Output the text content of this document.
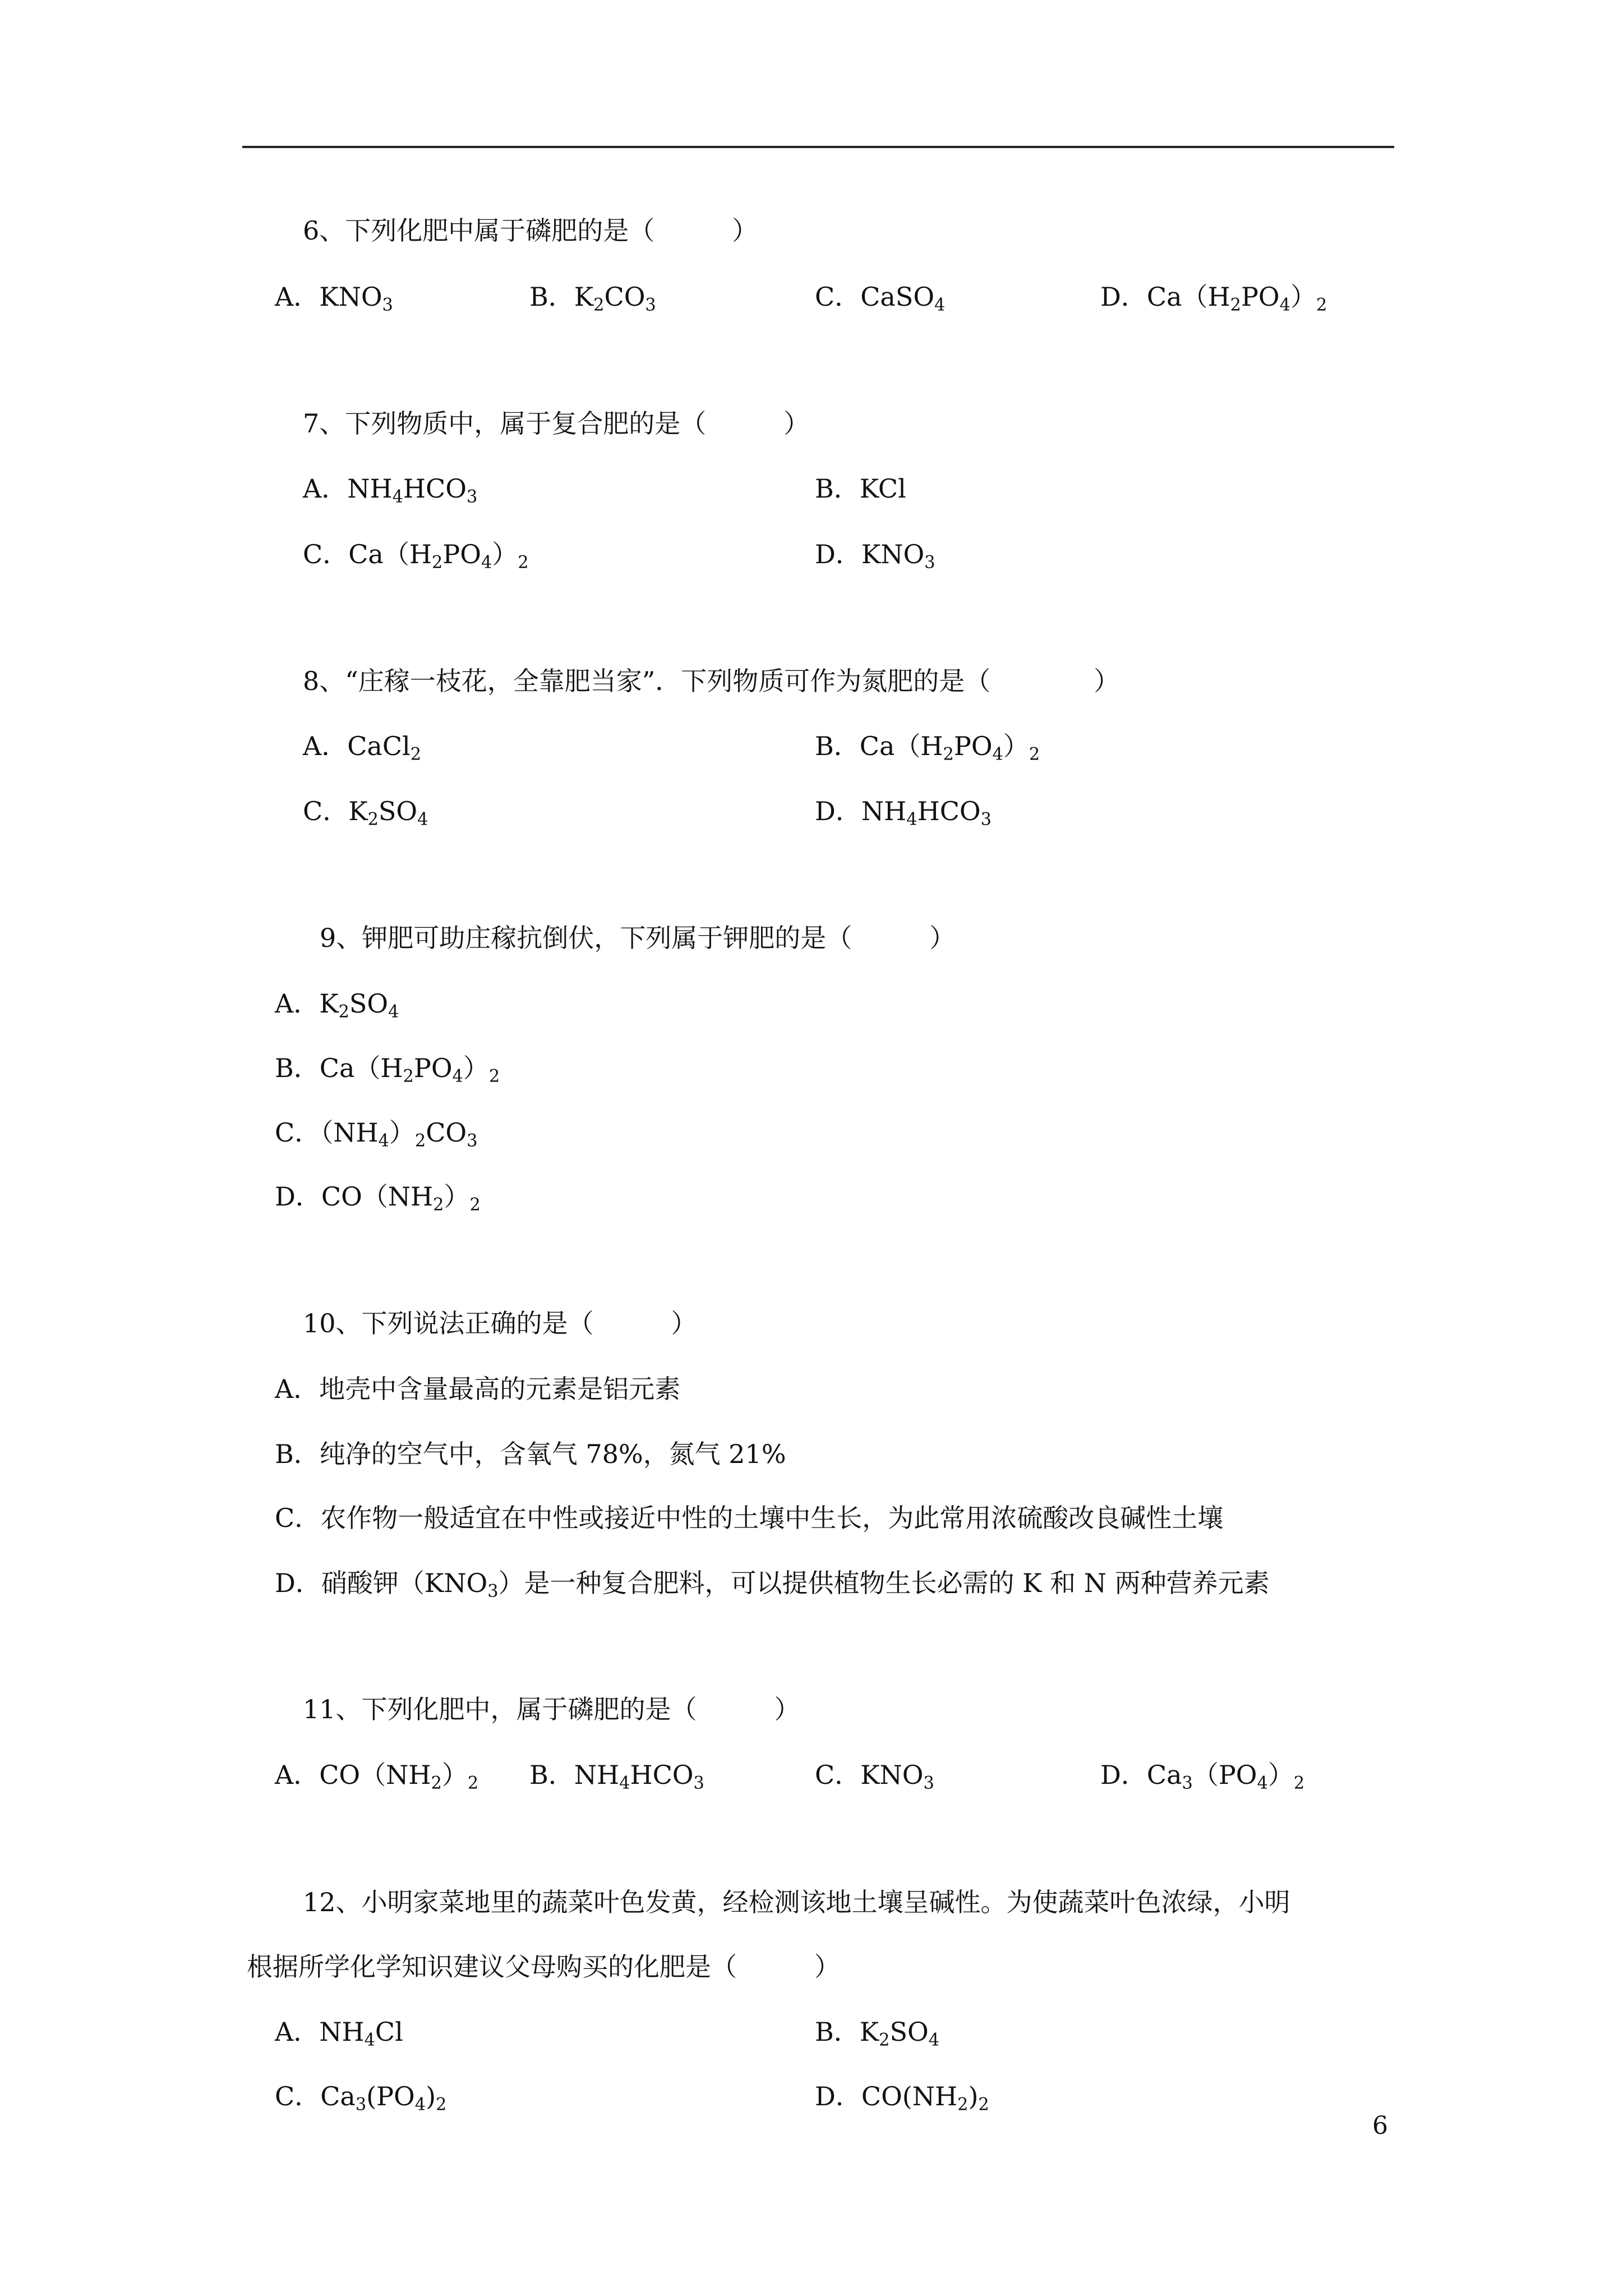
6、下列化肥中属于磷肥的是（　　　）
A．$KNO_3$	B．$K_2CO_3$	C．CaSO$_4$	D．$Ca(H_2PO_4)_2$
7、下列物质中，属于复合肥的是（　　　）
A．$NH_4HCO_3$	B．KCl
C．$Ca(H_2PO_4)_2$	D．$KNO_3$
8、“庄稼一枝花，全靠肥当家”．下列物质可作为氮肥的是（　　　　）
A．CaCl$_2$	B．$Ca(H_2PO_4)_2$
C．$K_2SO_4$	D．$NH_4HCO_3$
9、钾肥可助庄稼抗倒伏，下列属于钾肥的是（　　　）
A．$K_2SO_4$
B．$Ca(H_2PO_4)_2$
C．$(NH_4)_2CO_3$
D．$CO(NH_2)_2$
10、下列说法正确的是（　　　）
A．地壳中含量最高的元素是铝元素
B．纯净的空气中，含氧气 78%，氮气 21%
C．农作物一般适宜在中性或接近中性的土壤中生长，为此常用浓硫酸改良碱性土壤
D．硝酸钾$(KNO_3)$是一种复合肥料，可以提供植物生长必需的 K 和 N 两种营养元素
11、下列化肥中，属于磷肥的是（　　　）
A．$CO(NH_2)_2$ B．$NH_4HCO_3$	C．$KNO_3$	D．$Ca_3(PO_4)_2$
12、小明家菜地里的蔬菜叶色发黄，经检测该地土壤呈碱性。为使蔬菜叶色浓绿，小明
根据所学化学知识建议父母购买的化肥是（　　　）
A．$NH_4Cl$	B．$K_2SO_4$
C．$Ca_3(PO_4)_2$	D．$CO(NH_2)_2$
6
